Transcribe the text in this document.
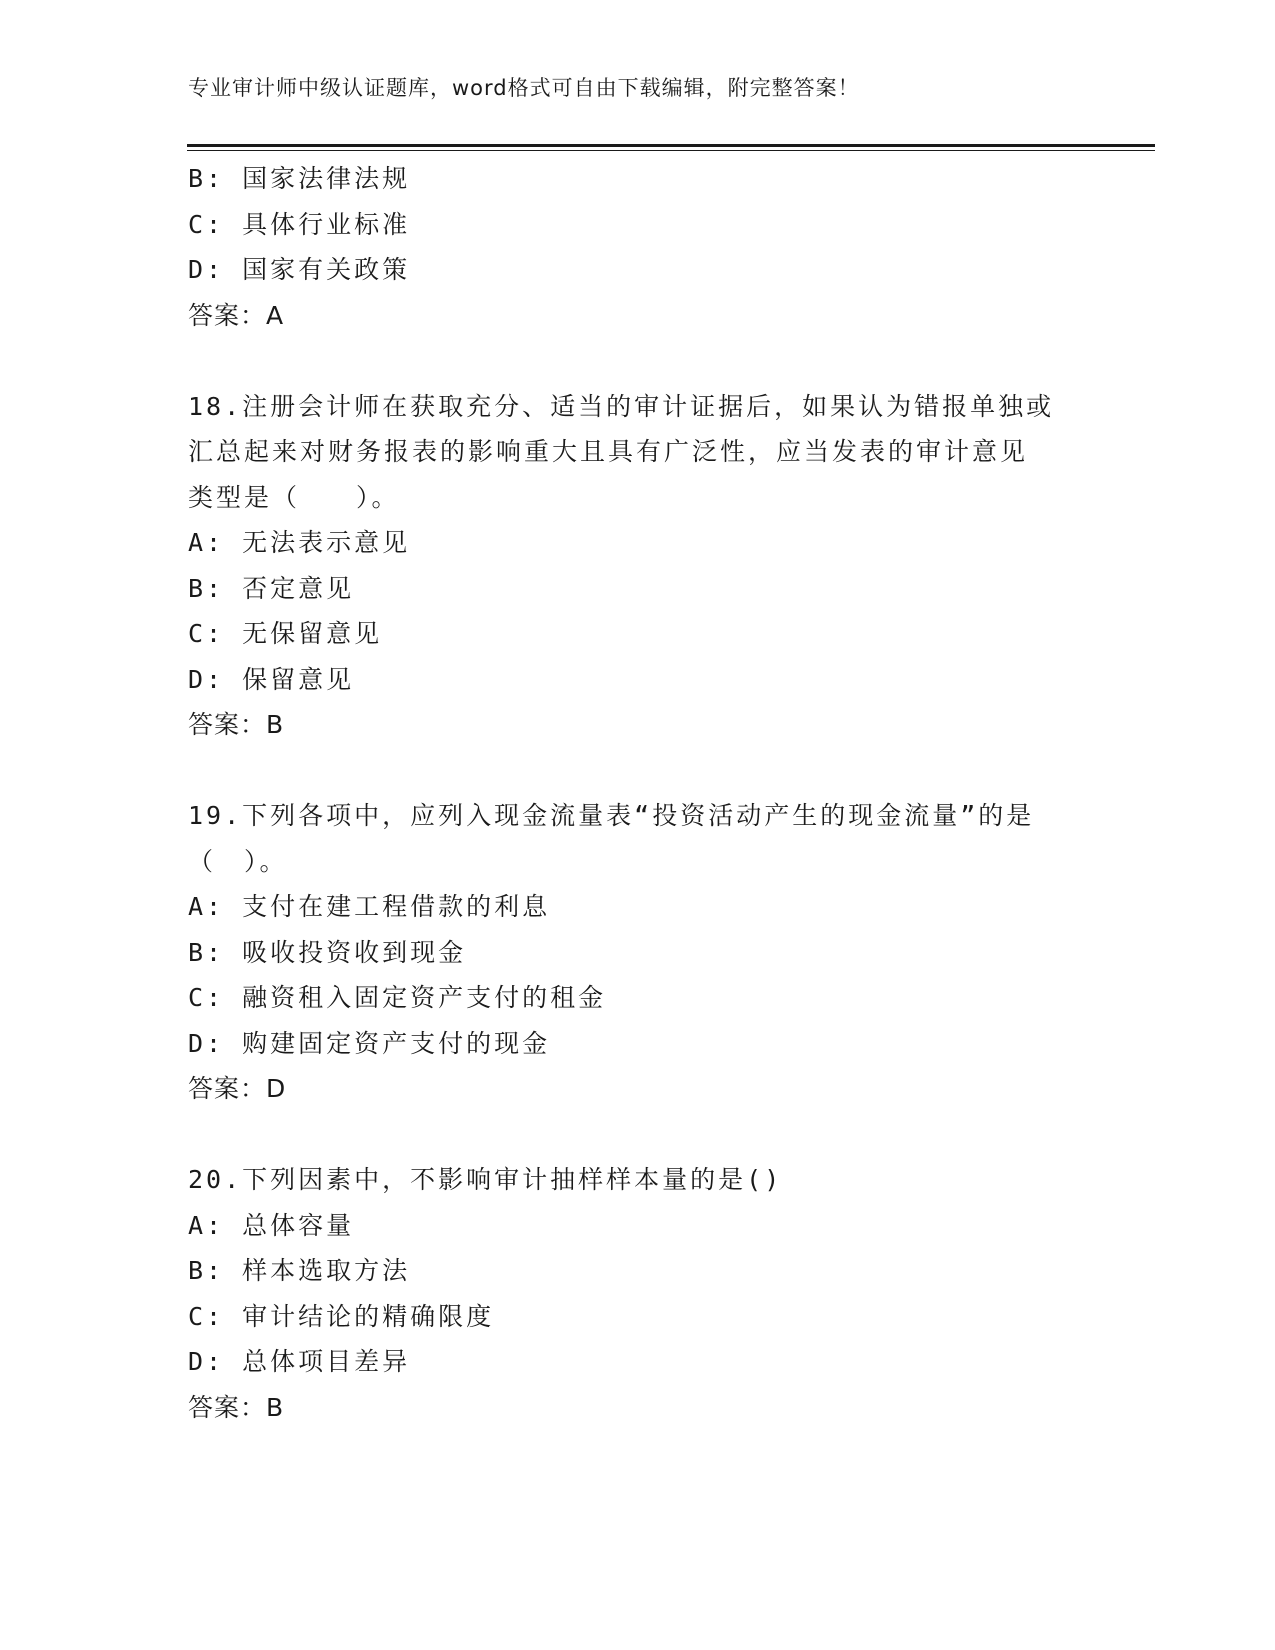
专业审计师中级认证题库，word格式可自由下载编辑，附完整答案！
B: 国家法律法规
C: 具体行业标准
D: 国家有关政策
答案：A
18.注册会计师在获取充分、适当的审计证据后，如果认为错报单独或
汇总起来对财务报表的影响重大且具有广泛性，应当发表的审计意见
类型是（　　）。
A: 无法表示意见
B: 否定意见
C: 无保留意见
D: 保留意见
答案：B
19.下列各项中，应列入现金流量表“投资活动产生的现金流量”的是
（　）。
A: 支付在建工程借款的利息
B: 吸收投资收到现金
C: 融资租入固定资产支付的租金
D: 购建固定资产支付的现金
答案：D
20.下列因素中，不影响审计抽样样本量的是()
A: 总体容量
B: 样本选取方法
C: 审计结论的精确限度
D: 总体项目差异
答案：B
